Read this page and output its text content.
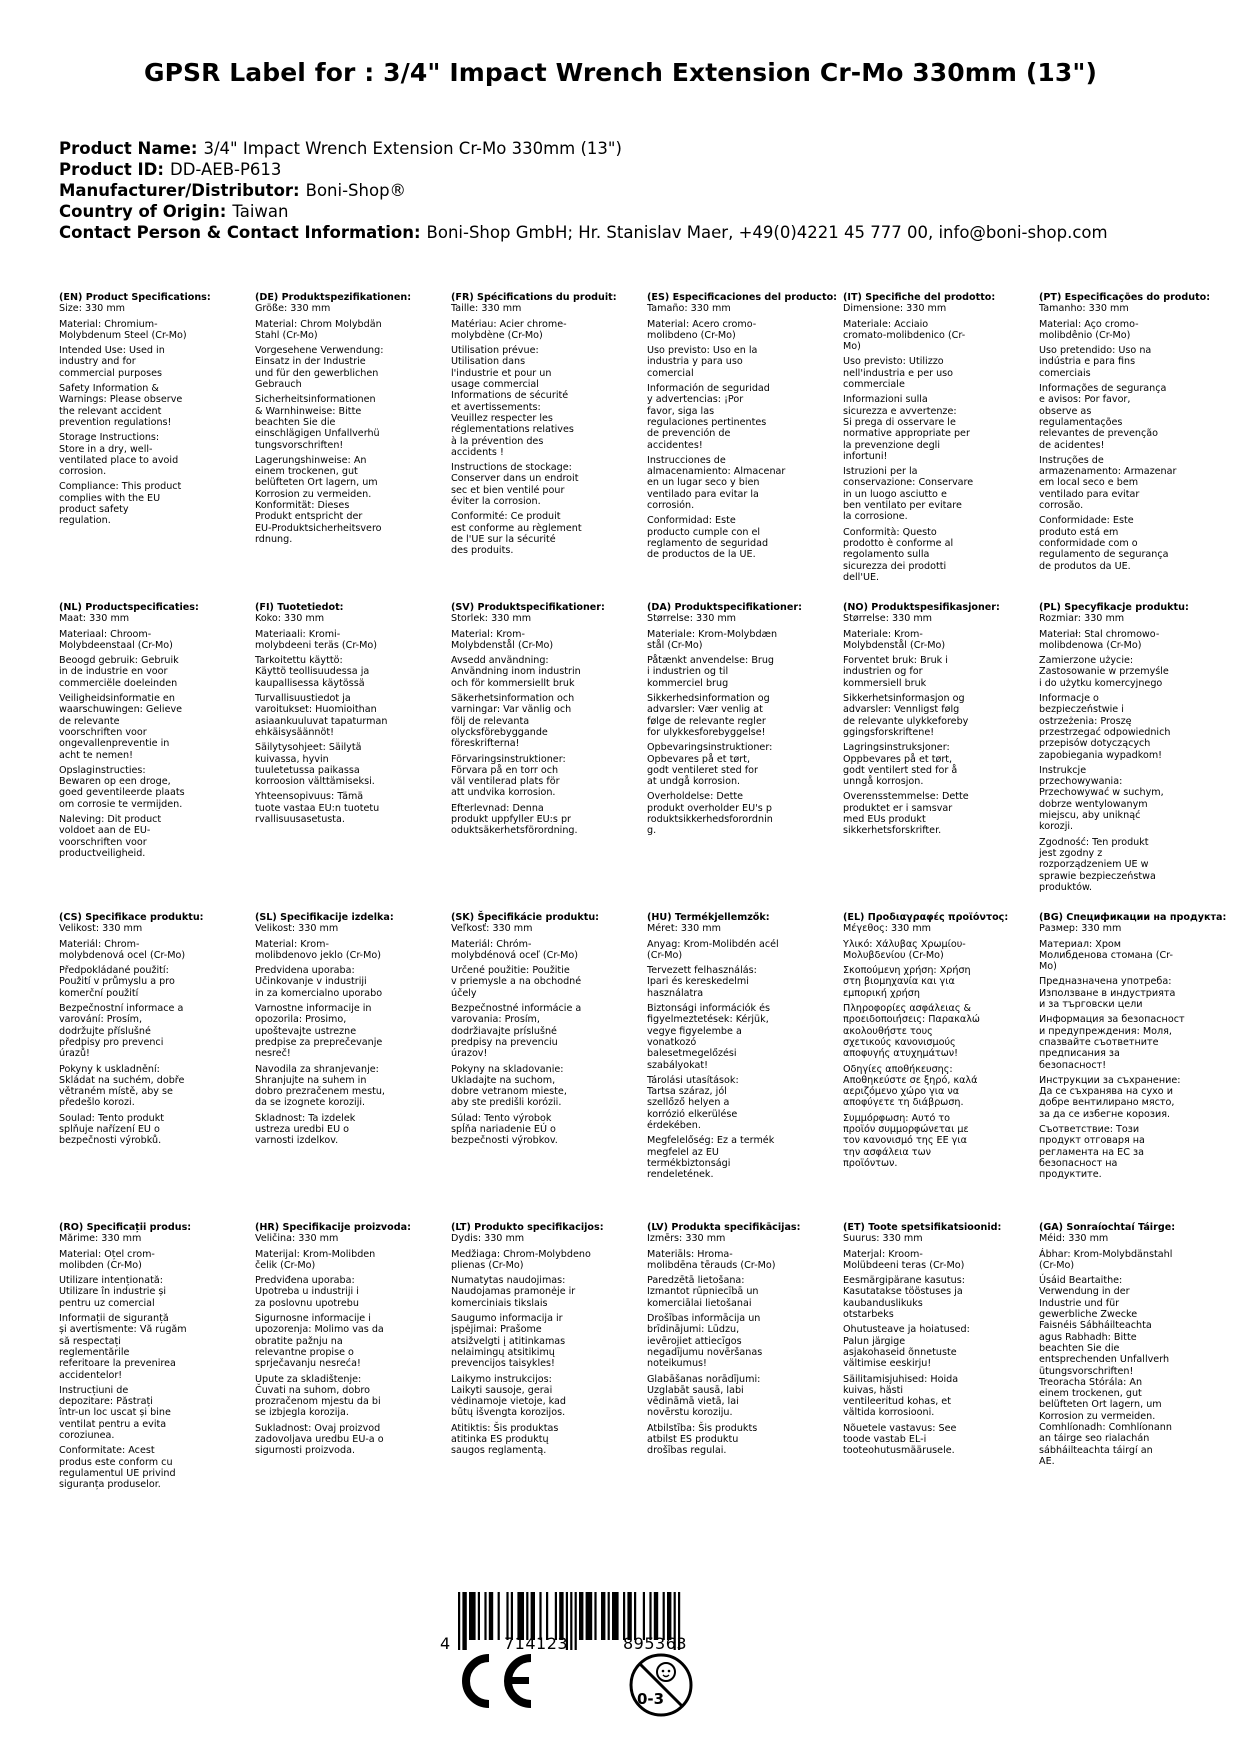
GPSR Label for : 3/4" Impact Wrench Extension Cr-Mo 330mm (13")
Product Name: 3/4" Impact Wrench Extension Cr-Mo 330mm (13")
Product ID: DD-AEB-P613
Manufacturer/Distributor: Boni-Shop®
Country of Origin: Taiwan
Contact Person & Contact Information: Boni-Shop GmbH; Hr. Stanislav Maer, +49(0)4221 45 777 00, info@boni-shop.com
(EN) Product Specifications:
Size: 330 mm
Material: Chromium-
Molybdenum Steel (Cr-Mo)
Intended Use: Used in
industry and for
commercial purposes
Safety Information &
Warnings: Please observe
the relevant accident
prevention regulations!
Storage Instructions:
Store in a dry, well-
ventilated place to avoid
corrosion.
Compliance: This product
complies with the EU
product safety
regulation.
(DE) Produktspezifikationen:
Größe: 330 mm
Material: Chrom Molybdän
Stahl (Cr-Mo)
Vorgesehene Verwendung:
Einsatz in der Industrie
und für den gewerblichen
Gebrauch
Sicherheitsinformationen
& Warnhinweise: Bitte
beachten Sie die
einschlägigen Unfallverhü
tungsvorschriften!
Lagerungshinweise: An
einem trockenen, gut
belüfteten Ort lagern, um
Korrosion zu vermeiden.
Konformität: Dieses
Produkt entspricht der
EU-Produktsicherheitsvero
rdnung.
(FR) Spécifications du produit:
Taille: 330 mm
Matériau: Acier chrome-
molybdène (Cr-Mo)
Utilisation prévue:
Utilisation dans
l'industrie et pour un
usage commercial
Informations de sécurité
et avertissements:
Veuillez respecter les
réglementations relatives
à la prévention des
accidents !
Instructions de stockage:
Conserver dans un endroit
sec et bien ventilé pour
éviter la corrosion.
Conformité: Ce produit
est conforme au règlement
de l'UE sur la sécurité
des produits.
(ES) Especificaciones del producto:
Tamaño: 330 mm
Material: Acero cromo-
molibdeno (Cr-Mo)
Uso previsto: Uso en la
industria y para uso
comercial
Información de seguridad
y advertencias: ¡Por
favor, siga las
regulaciones pertinentes
de prevención de
accidentes!
Instrucciones de
almacenamiento: Almacenar
en un lugar seco y bien
ventilado para evitar la
corrosión.
Conformidad: Este
producto cumple con el
reglamento de seguridad
de productos de la UE.
(IT) Specifiche del prodotto:
Dimensione: 330 mm
Materiale: Acciaio
cromato-molibdenico (Cr-
Mo)
Uso previsto: Utilizzo
nell'industria e per uso
commerciale
Informazioni sulla
sicurezza e avvertenze:
Si prega di osservare le
normative appropriate per
la prevenzione degli
infortuni!
Istruzioni per la
conservazione: Conservare
in un luogo asciutto e
ben ventilato per evitare
la corrosione.
Conformità: Questo
prodotto è conforme al
regolamento sulla
sicurezza dei prodotti
dell'UE.
(PT) Especificações do produto:
Tamanho: 330 mm
Material: Aço cromo-
molibdênio (Cr-Mo)
Uso pretendido: Uso na
indústria e para fins
comerciais
Informações de segurança
e avisos: Por favor,
observe as
regulamentações
relevantes de prevenção
de acidentes!
Instruções de
armazenamento: Armazenar
em local seco e bem
ventilado para evitar
corrosão.
Conformidade: Este
produto está em
conformidade com o
regulamento de segurança
de produtos da UE.
(NL) Productspecificaties:
Maat: 330 mm
Materiaal: Chroom-
Molybdeenstaal (Cr-Mo)
Beoogd gebruik: Gebruik
in de industrie en voor
commerciële doeleinden
Veiligheidsinformatie en
waarschuwingen: Gelieve
de relevante
voorschriften voor
ongevallenpreventie in
acht te nemen!
Opslaginstructies:
Bewaren op een droge,
goed geventileerde plaats
om corrosie te vermijden.
Naleving: Dit product
voldoet aan de EU-
voorschriften voor
productveiligheid.
(FI) Tuotetiedot:
Koko: 330 mm
Materiaali: Kromi-
molybdeeni teräs (Cr-Mo)
Tarkoitettu käyttö:
Käyttö teollisuudessa ja
kaupallisessa käytössä
Turvallisuustiedot ja
varoitukset: Huomioithan
asiaankuuluvat tapaturman
ehkäisysäännöt!
Säilytysohjeet: Säilytä
kuivassa, hyvin
tuuletetussa paikassa
korroosion välttämiseksi.
Yhteensopivuus: Tämä
tuote vastaa EU:n tuotetu
rvallisuusasetusta.
(SV) Produktspecifikationer:
Storlek: 330 mm
Material: Krom-
Molybdenstål (Cr-Mo)
Avsedd användning:
Användning inom industrin
och för kommersiellt bruk
Säkerhetsinformation och
varningar: Var vänlig och
följ de relevanta
olycksförebyggande
föreskrifterna!
Förvaringsinstruktioner:
Förvara på en torr och
väl ventilerad plats för
att undvika korrosion.
Efterlevnad: Denna
produkt uppfyller EU:s pr
oduktsäkerhetsförordning.
(DA) Produktspecifikationer:
Størrelse: 330 mm
Materiale: Krom-Molybdæn
stål (Cr-Mo)
Påtænkt anvendelse: Brug
i industrien og til
kommerciel brug
Sikkerhedsinformation og
advarsler: Vær venlig at
følge de relevante regler
for ulykkesforebyggelse!
Opbevaringsinstruktioner:
Opbevares på et tørt,
godt ventileret sted for
at undgå korrosion.
Overholdelse: Dette
produkt overholder EU's p
roduktsikkerhedsforordnin
g.
(NO) Produktspesifikasjoner:
Størrelse: 330 mm
Materiale: Krom-
Molybdenstål (Cr-Mo)
Forventet bruk: Bruk i
industrien og for
kommersiell bruk
Sikkerhetsinformasjon og
advarsler: Vennligst følg
de relevante ulykkeforeby
ggingsforskriftene!
Lagringsinstruksjoner:
Oppbevares på et tørt,
godt ventilert sted for å
unngå korrosjon.
Overensstemmelse: Dette
produktet er i samsvar
med EUs produkt
sikkerhetsforskrifter.
(PL) Specyfikacje produktu:
Rozmiar: 330 mm
Materiał: Stal chromowo-
molibdenowa (Cr-Mo)
Zamierzone użycie:
Zastosowanie w przemyśle
i do użytku komercyjnego
Informacje o
bezpieczeństwie i
ostrzeżenia: Proszę
przestrzegać odpowiednich
przepisów dotyczących
zapobiegania wypadkom!
Instrukcje
przechowywania:
Przechowywać w suchym,
dobrze wentylowanym
miejscu, aby uniknąć
korozji.
Zgodność: Ten produkt
jest zgodny z
rozporządzeniem UE w
sprawie bezpieczeństwa
produktów.
(CS) Specifikace produktu:
Velikost: 330 mm
Materiál: Chrom-
molybdenová ocel (Cr-Mo)
Předpokládané použití:
Použití v průmyslu a pro
komerční použití
Bezpečnostní informace a
varování: Prosím,
dodržujte příslušné
předpisy pro prevenci
úrazů!
Pokyny k uskladnění:
Skládat na suchém, dobře
větraném místě, aby se
předešlo korozi.
Soulad: Tento produkt
splňuje nařízení EU o
bezpečnosti výrobků.
(SL) Specifikacije izdelka:
Velikost: 330 mm
Material: Krom-
molibdenovo jeklo (Cr-Mo)
Predvidena uporaba:
Učinkovanje v industriji
in za komercialno uporabo
Varnostne informacije in
opozorila: Prosimo,
upoštevajte ustrezne
predpise za preprečevanje
nesreč!
Navodila za shranjevanje:
Shranjujte na suhem in
dobro prezračenem mestu,
da se izognete koroziji.
Skladnost: Ta izdelek
ustreza uredbi EU o
varnosti izdelkov.
(SK) Špecifikácie produktu:
Veľkosť: 330 mm
Materiál: Chróm-
molybdénová oceľ (Cr-Mo)
Určené použitie: Použitie
v priemysle a na obchodné
účely
Bezpečnostné informácie a
varovania: Prosím,
dodržiavajte príslušné
predpisy na prevenciu
úrazov!
Pokyny na skladovanie:
Ukladajte na suchom,
dobre vetranom mieste,
aby ste predišli korózii.
Súlad: Tento výrobok
spĺňa nariadenie EÚ o
bezpečnosti výrobkov.
(HU) Termékjellemzők:
Méret: 330 mm
Anyag: Krom-Molibdén acél
(Cr-Mo)
Tervezett felhasználás:
Ipari és kereskedelmi
használatra
Biztonsági információk és
figyelmeztetések: Kérjük,
vegye figyelembe a
vonatkozó
balesetmegelőzési
szabályokat!
Tárolási utasítások:
Tartsa száraz, jól
szellőző helyen a
korrózió elkerülése
érdekében.
Megfelelőség: Ez a termék
megfelel az EU
termékbiztonsági
rendeletének.
(EL) Προδιαγραφές προϊόντος:
Μέγεθος: 330 mm
Υλικό: Χάλυβας Χρωμίου-
Μολυβδενίου (Cr-Mo)
Σκοπούμενη χρήση: Χρήση
στη βιομηχανία και για
εμπορική χρήση
Πληροφορίες ασφάλειας &
προειδοποιήσεις: Παρακαλώ
ακολουθήστε τους
σχετικούς κανονισμούς
αποφυγής ατυχημάτων!
Οδηγίες αποθήκευσης:
Αποθηκεύστε σε ξηρό, καλά
αεριζόμενο χώρο για να
αποφύγετε τη διάβρωση.
Συμμόρφωση: Αυτό το
προϊόν συμμορφώνεται με
τον κανονισμό της ΕΕ για
την ασφάλεια των
προϊόντων.
(BG) Спецификации на продукта:
Размер: 330 mm
Материал: Хром
Молибденова стомана (Cr-
Mo)
Предназначена употреба:
Използване в индустрията
и за търговски цели
Информация за безопасност
и предупреждения: Моля,
спазвайте съответните
предписания за
безопасност!
Инструкции за съхранение:
Да се съхранява на сухо и
добре вентилирано място,
за да се избегне корозия.
Съответствие: Този
продукт отговаря на
регламента на ЕС за
безопасност на
продуктите.
(RO) Specificații produs:
Mărime: 330 mm
Material: Oțel crom-
molibden (Cr-Mo)
Utilizare intenționată:
Utilizare în industrie și
pentru uz comercial
Informații de siguranță
și avertismente: Vă rugăm
să respectați
reglementările
referitoare la prevenirea
accidentelor!
Instrucțiuni de
depozitare: Păstrați
într-un loc uscat și bine
ventilat pentru a evita
coroziunea.
Conformitate: Acest
produs este conform cu
regulamentul UE privind
siguranța produselor.
(HR) Specifikacije proizvoda:
Veličina: 330 mm
Materijal: Krom-Molibden
čelik (Cr-Mo)
Predviđena uporaba:
Upotreba u industriji i
za poslovnu upotrebu
Sigurnosne informacije i
upozorenja: Molimo vas da
obratite pažnju na
relevantne propise o
sprječavanju nesreća!
Upute za skladištenje:
Čuvati na suhom, dobro
prozračenom mjestu da bi
se izbjegla korozija.
Sukladnost: Ovaj proizvod
zadovoljava uredbu EU-a o
sigurnosti proizvoda.
(LT) Produkto specifikacijos:
Dydis: 330 mm
Medžiaga: Chrom-Molybdeno
plienas (Cr-Mo)
Numatytas naudojimas:
Naudojamas pramonėje ir
komerciniais tikslais
Saugumo informacija ir
įspėjimai: Prašome
atsižvelgti į atitinkamas
nelaimingų atsitikimų
prevencijos taisykles!
Laikymo instrukcijos:
Laikyti sausoje, gerai
vėdinamoje vietoje, kad
būtų išvengta korozijos.
Atitiktis: Šis produktas
atitinka ES produktų
saugos reglamentą.
(LV) Produkta specifikācijas:
Izmērs: 330 mm
Materiāls: Hroma-
molibdēna tērauds (Cr-Mo)
Paredzētā lietošana:
Izmantot rūpniecībā un
komerciālai lietošanai
Drošības informācija un
brīdinājumi: Lūdzu,
ievērojiet attiecīgos
negadījumu novēršanas
noteikumus!
Glabāšanas norādījumi:
Uzglabāt sausā, labi
vēdināmā vietā, lai
novērstu koroziju.
Atbilstība: Šis produkts
atbilst ES produktu
drošības regulai.
(ET) Toote spetsifikatsioonid:
Suurus: 330 mm
Materjal: Kroom-
Molübdeeni teras (Cr-Mo)
Eesmärgipärane kasutus:
Kasutatakse tööstuses ja
kaubanduslikuks
otstarbeks
Ohutusteave ja hoiatused:
Palun järgige
asjakohaseid õnnetuste
vältimise eeskirju!
Säilitamisjuhised: Hoida
kuivas, hästi
ventileeritud kohas, et
vältida korrosiooni.
Nõuetele vastavus: See
toode vastab EL-i
tooteohutusmäärusele.
(GA) Sonraíochtaí Táirge:
Méid: 330 mm
Ábhar: Krom-Molybdänstahl
(Cr-Mo)
Úsáid Beartaithe:
Verwendung in der
Industrie und für
gewerbliche Zwecke
Faisnéis Sábháilteachta
agus Rabhadh: Bitte
beachten Sie die
entsprechenden Unfallverh
ütungsvorschriften!
Treoracha Stórála: An
einem trockenen, gut
belüfteten Ort lagern, um
Korrosion zu vermeiden.
Comhlíonadh: Comhlíonann
an táirge seo rialachán
sábháilteachta táirgí an
AE.
4	714123	895363
0-3
